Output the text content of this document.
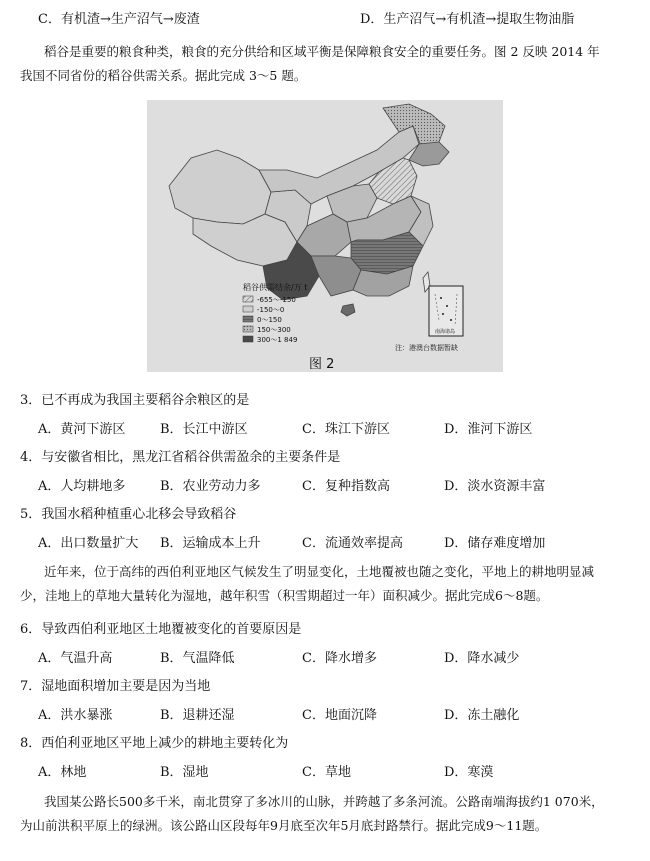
C．有机渣→生产沼气→废渣	D．生产沼气→有机渣→提取生物油脂
稻谷是重要的粮食种类，粮食的充分供给和区域平衡是保障粮食安全的重要任务。图 2 反映 2014 年
我国不同省份的稻谷供需关系。据此完成 3～5 题。
稻谷供需结余/万 t
-655～-150
-150～0
0～150
150～300
300～1 849
南海诸岛
注：港澳台数据暂缺
图 2
3．已不再成为我国主要稻谷余粮区的是
A．黄河下游区	B．长江中游区	C．珠江下游区	D．淮河下游区
4．与安徽省相比，黑龙江省稻谷供需盈余的主要条件是
A．人均耕地多	B．农业劳动力多	C．复种指数高	D．淡水资源丰富
5．我国水稻种植重心北移会导致稻谷
A．出口数量扩大 B．运输成本上升	C．流通效率提高	D．储存难度增加
近年来，位于高纬的西伯利亚地区气候发生了明显变化，土地覆被也随之变化，平地上的耕地明显减
少，洼地上的草地大量转化为湿地，越年积雪（积雪期超过一年）面积减少。据此完成6～8题。
6．导致西伯利亚地区土地覆被变化的首要原因是
A．气温升高	B．气温降低	C．降水增多	D．降水减少
7．湿地面积增加主要是因为当地
A．洪水暴涨	B．退耕还湿	C．地面沉降	D．冻土融化
8．西伯利亚地区平地上减少的耕地主要转化为
A．林地	B．湿地	C．草地	D．寒漠
我国某公路长500多千米，南北贯穿了多冰川的山脉，并跨越了多条河流。公路南端海拔约1 070米，
为山前洪积平原上的绿洲。该公路山区段每年9月底至次年5月底封路禁行。据此完成9～11题。
